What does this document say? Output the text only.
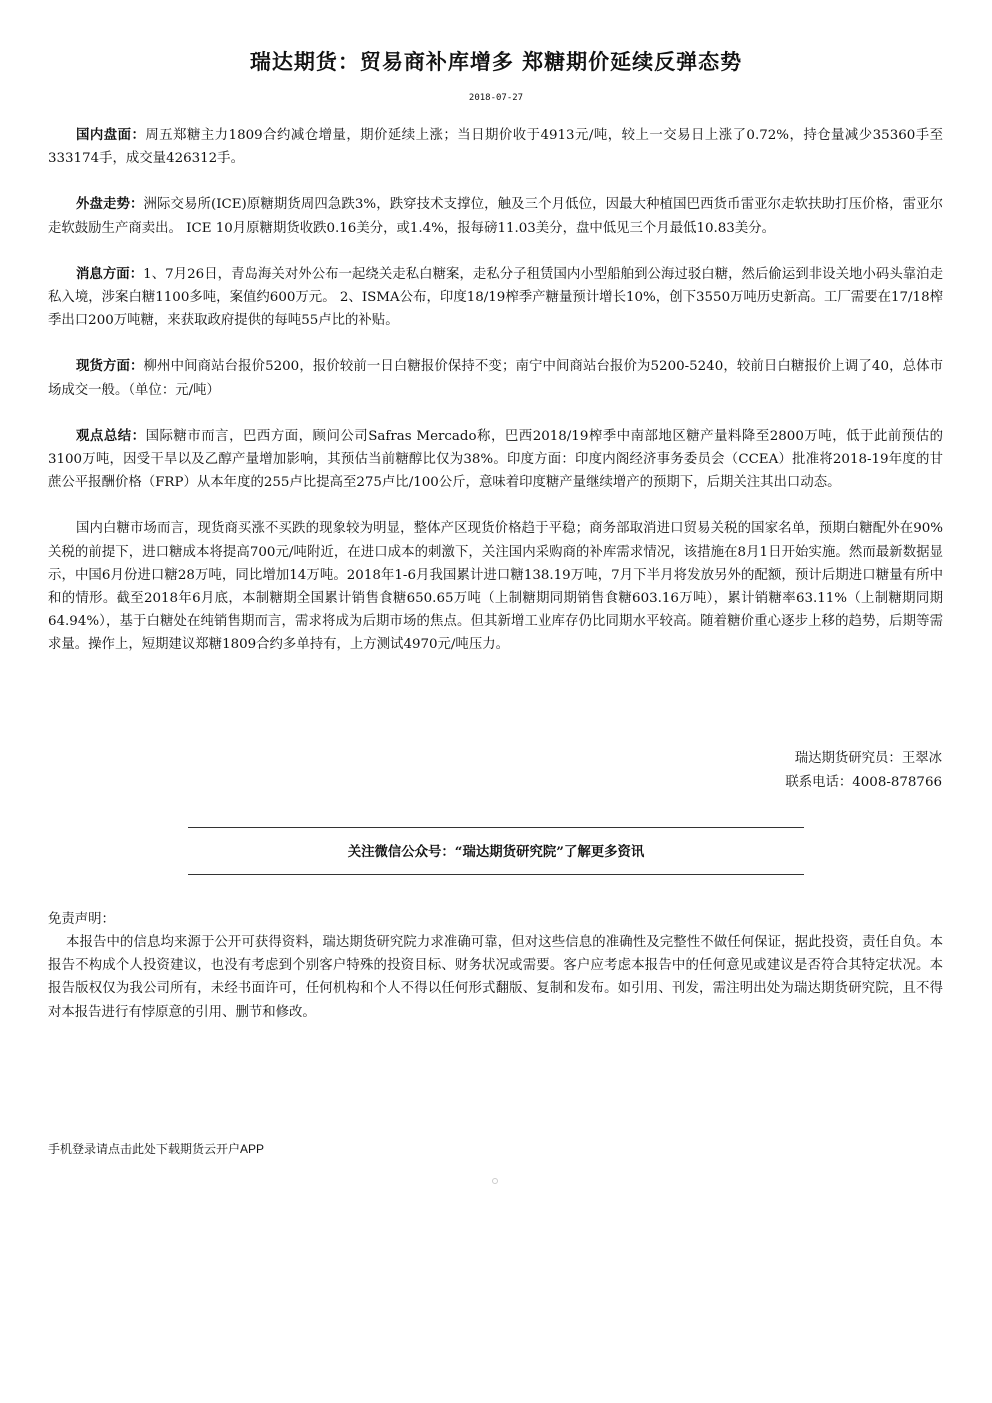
瑞达期货：贸易商补库增多 郑糖期价延续反弹态势
2018-07-27

国内盘面：周五郑糖主力1809合约减仓增量，期价延续上涨；当日期价收于4913元/吨，较上一交易日上涨了0.72%，持仓量减少35360手至333174手，成交量426312手。

外盘走势：洲际交易所(ICE)原糖期货周四急跌3%，跌穿技术支撑位，触及三个月低位，因最大种植国巴西货币雷亚尔走软扶助打压价格，雷亚尔走软鼓励生产商卖出。 ICE 10月原糖期货收跌0.16美分，或1.4%，报每磅11.03美分，盘中低见三个月最低10.83美分。

消息方面：1、7月26日，青岛海关对外公布一起绕关走私白糖案，走私分子租赁国内小型船舶到公海过驳白糖，然后偷运到非设关地小码头靠泊走私入境，涉案白糖1100多吨，案值约600万元。 2、ISMA公布，印度18/19榨季产糖量预计增长10%，创下3550万吨历史新高。工厂需要在17/18榨季出口200万吨糖，来获取政府提供的每吨55卢比的补贴。

现货方面：柳州中间商站台报价5200，报价较前一日白糖报价保持不变；南宁中间商站台报价为5200-5240，较前日白糖报价上调了40，总体市场成交一般。（单位：元/吨）

观点总结：国际糖市而言，巴西方面，顾问公司Safras Mercado称，巴西2018/19榨季中南部地区糖产量料降至2800万吨，低于此前预估的3100万吨，因受干旱以及乙醇产量增加影响，其预估当前糖醇比仅为38%。印度方面：印度内阁经济事务委员会（CCEA）批准将2018-19年度的甘蔗公平报酬价格（FRP）从本年度的255卢比提高至275卢比/100公斤，意味着印度糖产量继续增产的预期下，后期关注其出口动态。

国内白糖市场而言，现货商买涨不买跌的现象较为明显，整体产区现货价格趋于平稳；商务部取消进口贸易关税的国家名单，预期白糖配外在90%关税的前提下，进口糖成本将提高700元/吨附近，在进口成本的刺激下，关注国内采购商的补库需求情况，该措施在8月1日开始实施。然而最新数据显示，中国6月份进口糖28万吨，同比增加14万吨。2018年1-6月我国累计进口糖138.19万吨，7月下半月将发放另外的配额，预计后期进口糖量有所中和的情形。截至2018年6月底，本制糖期全国累计销售食糖650.65万吨（上制糖期同期销售食糖603.16万吨），累计销糖率63.11%（上制糖期同期64.94%），基于白糖处在纯销售期而言，需求将成为后期市场的焦点。但其新增工业库存仍比同期水平较高。随着糖价重心逐步上移的趋势，后期等需求量。操作上，短期建议郑糖1809合约多单持有，上方测试4970元/吨压力。

瑞达期货研究员：王翠冰
联系电话：4008-878766
关注微信公众号：“瑞达期货研究院”了解更多资讯
免责声明：

本报告中的信息均来源于公开可获得资料，瑞达期货研究院力求准确可靠，但对这些信息的准确性及完整性不做任何保证，据此投资，责任自负。本报告不构成个人投资建议，也没有考虑到个别客户特殊的投资目标、财务状况或需要。客户应考虑本报告中的任何意见或建议是否符合其特定状况。本报告版权仅为我公司所有，未经书面许可，任何机构和个人不得以任何形式翻版、复制和发布。如引用、刊发，需注明出处为瑞达期货研究院，且不得对本报告进行有悖原意的引用、删节和修改。

手机登录请点击此处下载期货云开户APP
